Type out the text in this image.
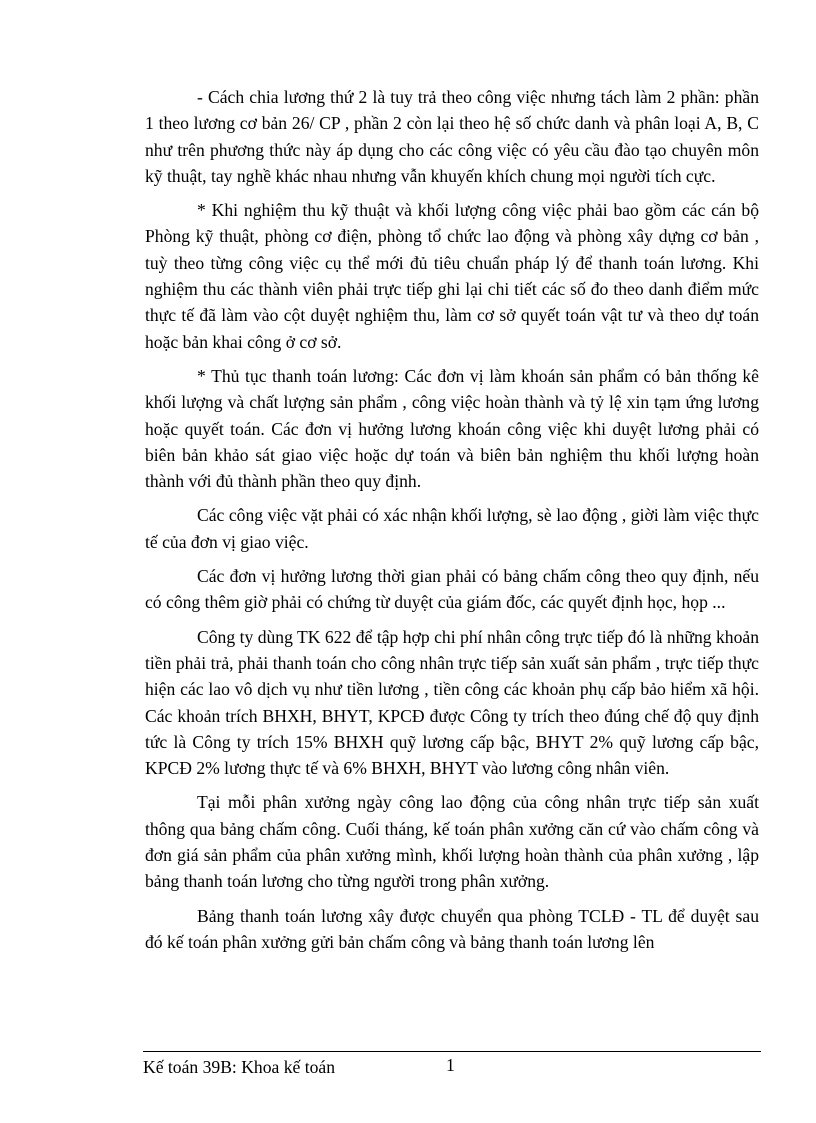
- Cách chia lương thứ 2 là tuy trả theo công việc nhưng tách làm 2 phần: phần 1 theo lương cơ bản 26/ CP , phần 2 còn lại theo hệ số chức danh và phân loại A, B, C như trên phương thức này áp dụng cho các công việc có yêu cầu đào tạo chuyên môn kỹ thuật, tay nghề khác nhau nhưng vẫn khuyến khích chung mọi người tích cực.

* Khi nghiệm thu kỹ thuật và khối lượng công việc phải bao gồm các cán bộ Phòng kỹ thuật, phòng cơ điện, phòng tổ chức lao động và phòng xây dựng cơ bản , tuỳ theo từng công việc cụ thể mới đủ tiêu chuẩn pháp lý để thanh toán lương. Khi nghiệm thu các thành viên phải trực tiếp ghi lại chi tiết các số đo theo danh điểm mức thực tế đã làm vào cột duyệt nghiệm thu, làm cơ sở quyết toán vật tư và theo dự toán hoặc bản khai công ở cơ sở.

* Thủ tục thanh toán lương: Các đơn vị làm khoán sản phẩm có bản thống kê khối lượng và chất lượng sản phẩm , công việc hoàn thành và tỷ lệ xin tạm ứng lương hoặc quyết toán. Các đơn vị hưởng lương khoán công việc khi duyệt lương phải có biên bản khảo sát giao việc hoặc dự toán và biên bản nghiệm thu khối lượng hoàn thành với đủ thành phần theo quy định.

Các công việc vặt phải có xác nhận khối lượng, sè lao động , giời làm việc thực tế của đơn vị giao việc.

Các đơn vị hưởng lương thời gian phải có bảng chấm công theo quy định, nếu có công thêm giờ phải có chứng từ duyệt của giám đốc, các quyết định học, họp ...

Công ty dùng TK 622 để tập hợp chi phí nhân công trực tiếp đó là những khoản tiền phải trả, phải thanh toán cho công nhân trực tiếp sản xuất sản phẩm , trực tiếp thực hiện các lao vô dịch vụ như tiền lương , tiền công các khoản phụ cấp bảo hiểm xã hội. Các khoản trích BHXH, BHYT, KPCĐ được Công ty trích theo đúng chế độ quy định tức là Công ty trích 15% BHXH quỹ lương cấp bậc, BHYT 2% quỹ lương cấp bậc, KPCĐ 2% lương thực tế và 6% BHXH, BHYT vào lương công nhân viên.

Tại mỗi phân xưởng ngày công lao động của công nhân trực tiếp sản xuất thông qua bảng chấm công. Cuối tháng, kế toán phân xưởng căn cứ vào chấm công và đơn giá sản phẩm của phân xưởng mình, khối lượng hoàn thành của phân xưởng , lập bảng thanh toán lương cho từng người trong phân xưởng.

Bảng thanh toán lương xây được chuyển qua phòng TCLĐ - TL để duyệt sau đó kế toán phân xưởng gửi bản chấm công và bảng thanh toán lương lên

Kế toán 39B: Khoa kế toán	1
